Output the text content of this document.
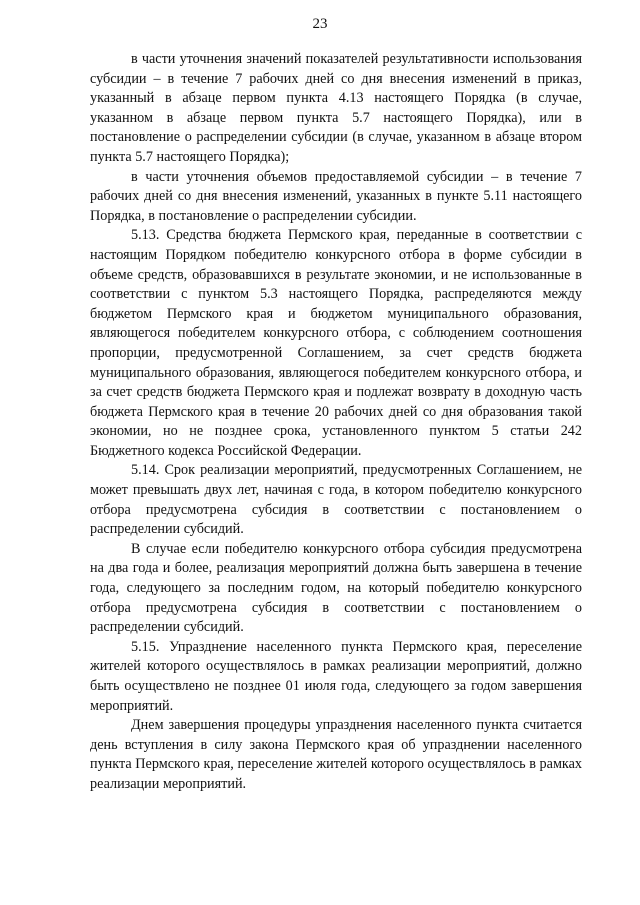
23

в части уточнения значений показателей результативности использования субсидии – в течение 7 рабочих дней со дня внесения изменений в приказ, указанный в абзаце первом пункта 4.13 настоящего Порядка (в случае, указанном в абзаце первом пункта 5.7 настоящего Порядка), или в постановление о распределении субсидии (в случае, указанном в абзаце втором пункта 5.7 настоящего Порядка);

в части уточнения объемов предоставляемой субсидии – в течение 7 рабочих дней со дня внесения изменений, указанных в пункте 5.11 настоящего Порядка, в постановление о распределении субсидии.

5.13. Средства бюджета Пермского края, переданные в соответствии с настоящим Порядком победителю конкурсного отбора в форме субсидии в объеме средств, образовавшихся в результате экономии, и не использованные в соответствии с пунктом 5.3 настоящего Порядка, распределяются между бюджетом Пермского края и бюджетом муниципального образования, являющегося победителем конкурсного отбора, с соблюдением соотношения пропорции, предусмотренной Соглашением, за счет средств бюджета муниципального образования, являющегося победителем конкурсного отбора, и за счет средств бюджета Пермского края и подлежат возврату в доходную часть бюджета Пермского края в течение 20 рабочих дней со дня образования такой экономии, но не позднее срока, установленного пунктом 5 статьи 242 Бюджетного кодекса Российской Федерации.

5.14. Срок реализации мероприятий, предусмотренных Соглашением, не может превышать двух лет, начиная с года, в котором победителю конкурсного отбора предусмотрена субсидия в соответствии с постановлением о распределении субсидий.

В случае если победителю конкурсного отбора субсидия предусмотрена на два года и более, реализация мероприятий должна быть завершена в течение года, следующего за последним годом, на который победителю конкурсного отбора предусмотрена субсидия в соответствии с постановлением о распределении субсидий.

5.15. Упразднение населенного пункта Пермского края, переселение жителей которого осуществлялось в рамках реализации мероприятий, должно быть осуществлено не позднее 01 июля года, следующего за годом завершения мероприятий.

Днем завершения процедуры упразднения населенного пункта считается день вступления в силу закона Пермского края об упразднении населенного пункта Пермского края, переселение жителей которого осуществлялось в рамках реализации мероприятий.
